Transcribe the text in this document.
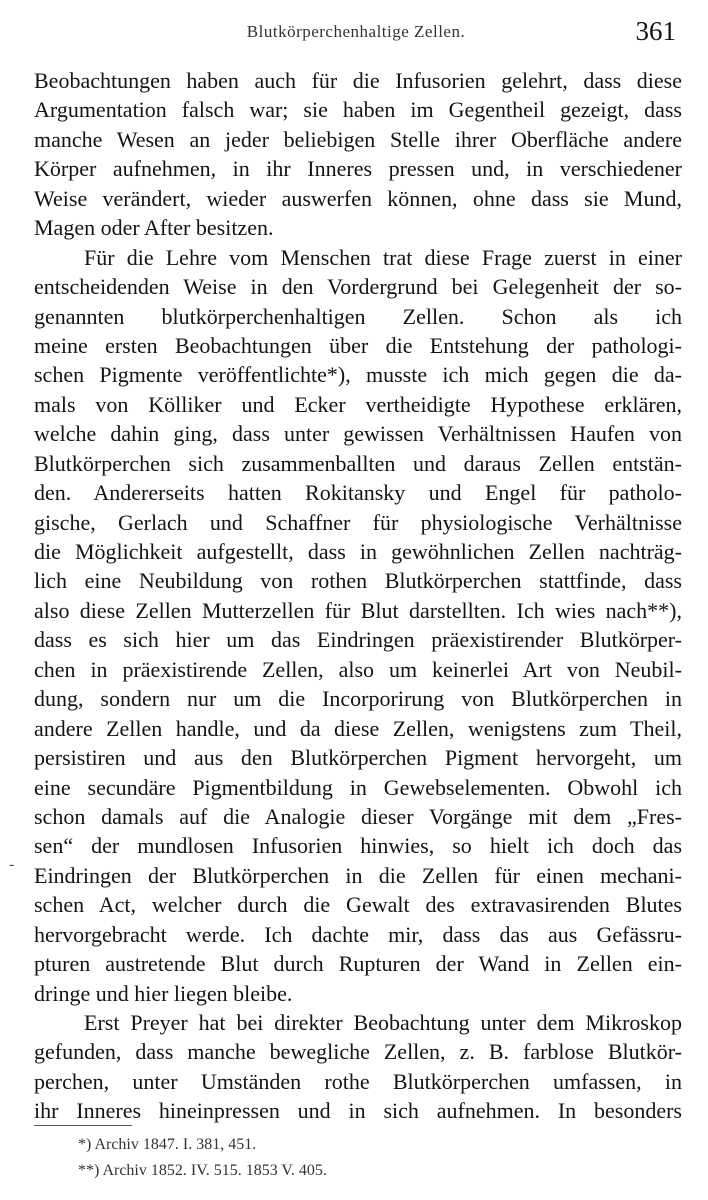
Blutkörperchenhaltige Zellen.	361
-
Beobachtungen haben auch für die Infusorien gelehrt, dass diese
Argumentation falsch war; sie haben im Gegentheil gezeigt, dass
manche Wesen an jeder beliebigen Stelle ihrer Oberfläche andere
Körper aufnehmen, in ihr Inneres pressen und, in verschiedener
Weise verändert, wieder auswerfen können, ohne dass sie Mund,
Magen oder After besitzen.
Für die Lehre vom Menschen trat diese Frage zuerst in einer
entscheidenden Weise in den Vordergrund bei Gelegenheit der so-
genannten blutkörperchenhaltigen Zellen. Schon als ich
meine ersten Beobachtungen über die Entstehung der pathologi-
schen Pigmente veröffentlichte*), musste ich mich gegen die da-
mals von Kölliker und Ecker vertheidigte Hypothese erklären,
welche dahin ging, dass unter gewissen Verhältnissen Haufen von
Blutkörperchen sich zusammenballten und daraus Zellen entstän-
den. Andererseits hatten Rokitansky und Engel für patholo-
gische, Gerlach und Schaffner für physiologische Verhältnisse
die Möglichkeit aufgestellt, dass in gewöhnlichen Zellen nachträg-
lich eine Neubildung von rothen Blutkörperchen stattfinde, dass
also diese Zellen Mutterzellen für Blut darstellten. Ich wies nach**),
dass es sich hier um das Eindringen präexistirender Blutkörper-
chen in präexistirende Zellen, also um keinerlei Art von Neubil-
dung, sondern nur um die Incorporirung von Blutkörperchen in
andere Zellen handle, und da diese Zellen, wenigstens zum Theil,
persistiren und aus den Blutkörperchen Pigment hervorgeht, um
eine secundäre Pigmentbildung in Gewebselementen. Obwohl ich
schon damals auf die Analogie dieser Vorgänge mit dem „Fres-
sen“ der mundlosen Infusorien hinwies, so hielt ich doch das
Eindringen der Blutkörperchen in die Zellen für einen mechani-
schen Act, welcher durch die Gewalt des extravasirenden Blutes
hervorgebracht werde. Ich dachte mir, dass das aus Gefässru-
pturen austretende Blut durch Rupturen der Wand in Zellen ein-
dringe und hier liegen bleibe.
Erst Preyer hat bei direkter Beobachtung unter dem Mikroskop
gefunden, dass manche bewegliche Zellen, z. B. farblose Blutkör-
perchen, unter Umständen rothe Blutkörperchen umfassen, in
ihr Inneres hineinpressen und in sich aufnehmen. In besonders
*) Archiv 1847. I. 381, 451.
**) Archiv 1852. IV. 515. 1853 V. 405.
